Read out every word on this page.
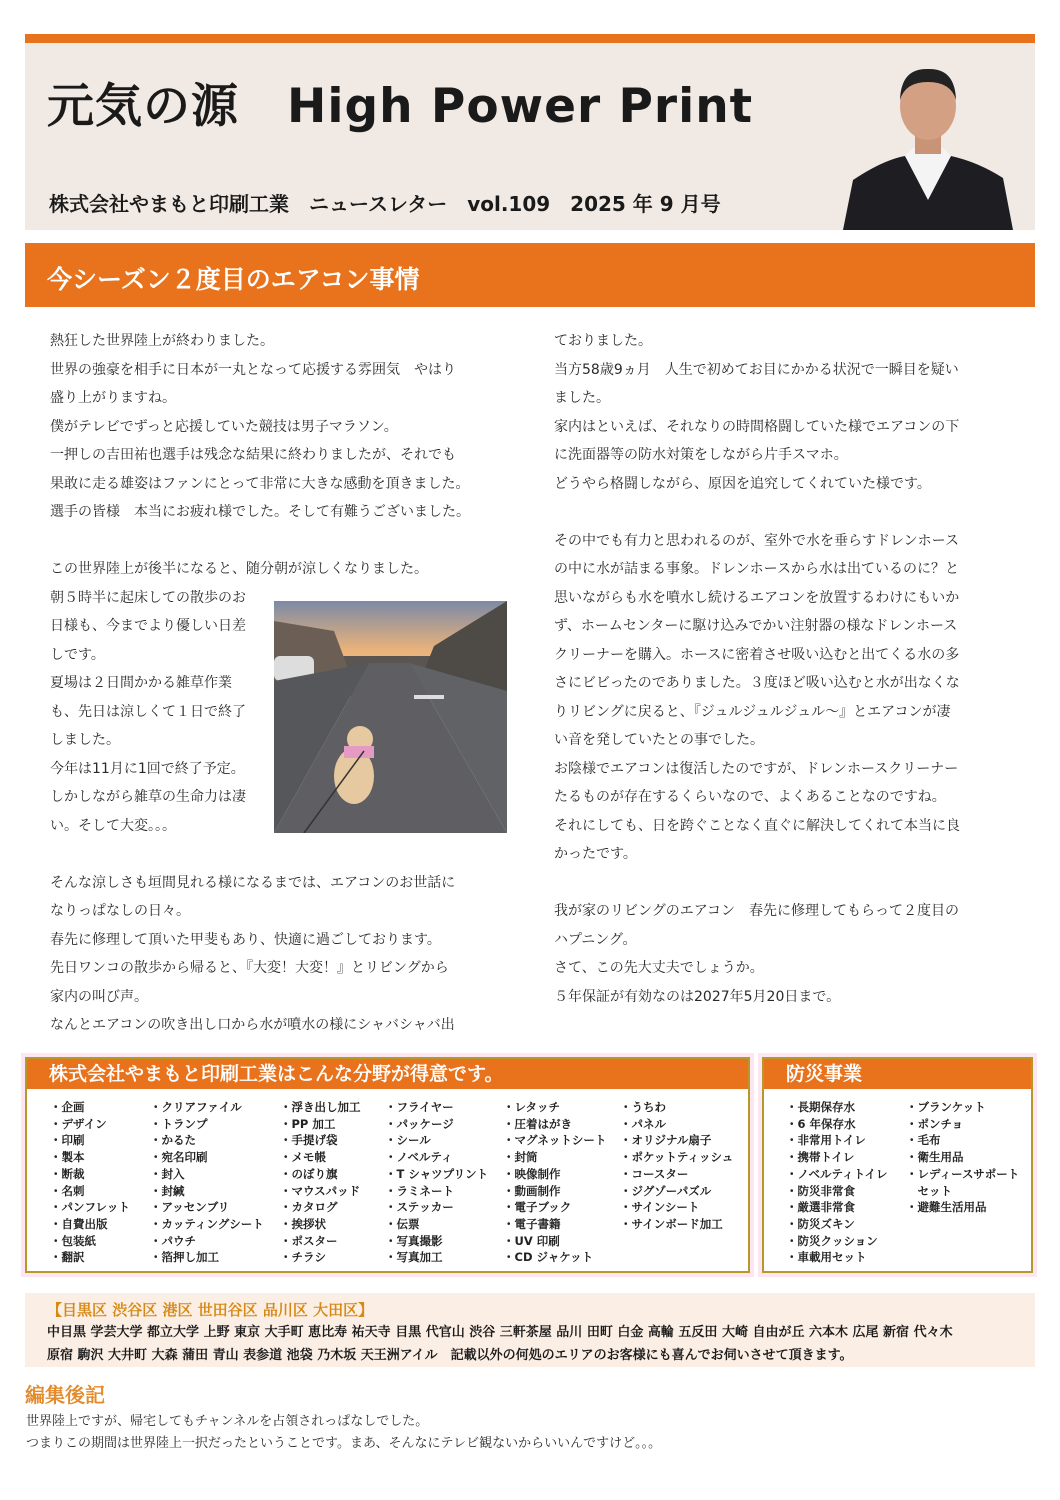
元気の源　High Power Print
株式会社やまもと印刷工業　ニュースレター　vol.109　2025 年 9 月号
今シーズン２度目のエアコン事情
熱狂した世界陸上が終わりました。
世界の強豪を相手に日本が一丸となって応援する雰囲気　やはり
盛り上がりますね。
僕がテレビでずっと応援していた競技は男子マラソン。
一押しの吉田祐也選手は残念な結果に終わりましたが、それでも
果敢に走る雄姿はファンにとって非常に大きな感動を頂きました。
選手の皆様　本当にお疲れ様でした。そして有難うございました。
この世界陸上が後半になると、随分朝が涼しくなりました。
朝５時半に起床しての散歩のお
日様も、今までより優しい日差
しです。
夏場は２日間かかる雑草作業
も、先日は涼しくて１日で終了
しました。
今年は11月に1回で終了予定。
しかしながら雑草の生命力は凄
い。そして大変。。。
そんな涼しさも垣間見れる様になるまでは、エアコンのお世話に
なりっぱなしの日々。
春先に修理して頂いた甲斐もあり、快適に過ごしております。
先日ワンコの散歩から帰ると、『大変！大変！』とリビングから
家内の叫び声。
なんとエアコンの吹き出し口から水が噴水の様にシャバシャバ出
ておりました。
当方58歳9ヵ月　人生で初めてお目にかかる状況で一瞬目を疑い
ました。
家内はといえば、それなりの時間格闘していた様でエアコンの下
に洗面器等の防水対策をしながら片手スマホ。
どうやら格闘しながら、原因を追究してくれていた様です。
その中でも有力と思われるのが、室外で水を垂らすドレンホース
の中に水が詰まる事象。ドレンホースから水は出ているのに？と
思いながらも水を噴水し続けるエアコンを放置するわけにもいか
ず、ホームセンターに駆け込みでかい注射器の様なドレンホース
クリーナーを購入。ホースに密着させ吸い込むと出てくる水の多
さにビビったのでありました。３度ほど吸い込むと水が出なくな
りリビングに戻ると、『ジュルジュルジュル〜』とエアコンが凄
い音を発していたとの事でした。
お陰様でエアコンは復活したのですが、ドレンホースクリーナー
たるものが存在するくらいなので、よくあることなのですね。
それにしても、日を跨ぐことなく直ぐに解決してくれて本当に良
かったです。
我が家のリビングのエアコン　春先に修理してもらって２度目の
ハプニング。
さて、この先大丈夫でしょうか。
５年保証が有効なのは2027年5月20日まで。
株式会社やまもと印刷工業はこんな分野が得意です。
・企画
・デザイン
・印刷
・製本
・断裁
・名刺
・パンフレット
・自費出版
・包装紙
・翻訳
・クリアファイル
・トランプ
・かるた
・宛名印刷
・封入
・封緘
・アッセンブリ
・カッティングシート
・パウチ
・箔押し加工
・浮き出し加工
・PP 加工
・手提げ袋
・メモ帳
・のぼり旗
・マウスパッド
・カタログ
・挨拶状
・ポスター
・チラシ
・フライヤー
・パッケージ
・シール
・ノベルティ
・T シャツプリント
・ラミネート
・ステッカー
・伝票
・写真撮影
・写真加工
・レタッチ
・圧着はがき
・マグネットシート
・封筒
・映像制作
・動画制作
・電子ブック
・電子書籍
・UV 印刷
・CD ジャケット
・うちわ
・パネル
・オリジナル扇子
・ポケットティッシュ
・コースター
・ジグゾーパズル
・サインシート
・サインボード加工
防災事業
・長期保存水
・6 年保存水
・非常用トイレ
・携帯トイレ
・ノベルティトイレ
・防災非常食
・厳選非常食
・防災ズキン
・防災クッション
・車載用セット
・ブランケット
・ポンチョ
・毛布
・衛生用品
・レディースサポート
　セット
・避難生活用品
【目黒区 渋谷区 港区 世田谷区 品川区 大田区】
中目黒 学芸大学 都立大学 上野 東京 大手町 恵比寿 祐天寺 目黒 代官山 渋谷 三軒茶屋 品川 田町 白金 高輪 五反田 大崎 自由が丘 六本木 広尾 新宿 代々木
原宿 駒沢 大井町 大森 蒲田 青山 表参道 池袋 乃木坂 天王洲アイル　記載以外の何処のエリアのお客様にも喜んでお伺いさせて頂きます。
編集後記
世界陸上ですが、帰宅してもチャンネルを占領されっぱなしでした。
つまりこの期間は世界陸上一択だったということです。まあ、そんなにテレビ観ないからいいんですけど。。。
